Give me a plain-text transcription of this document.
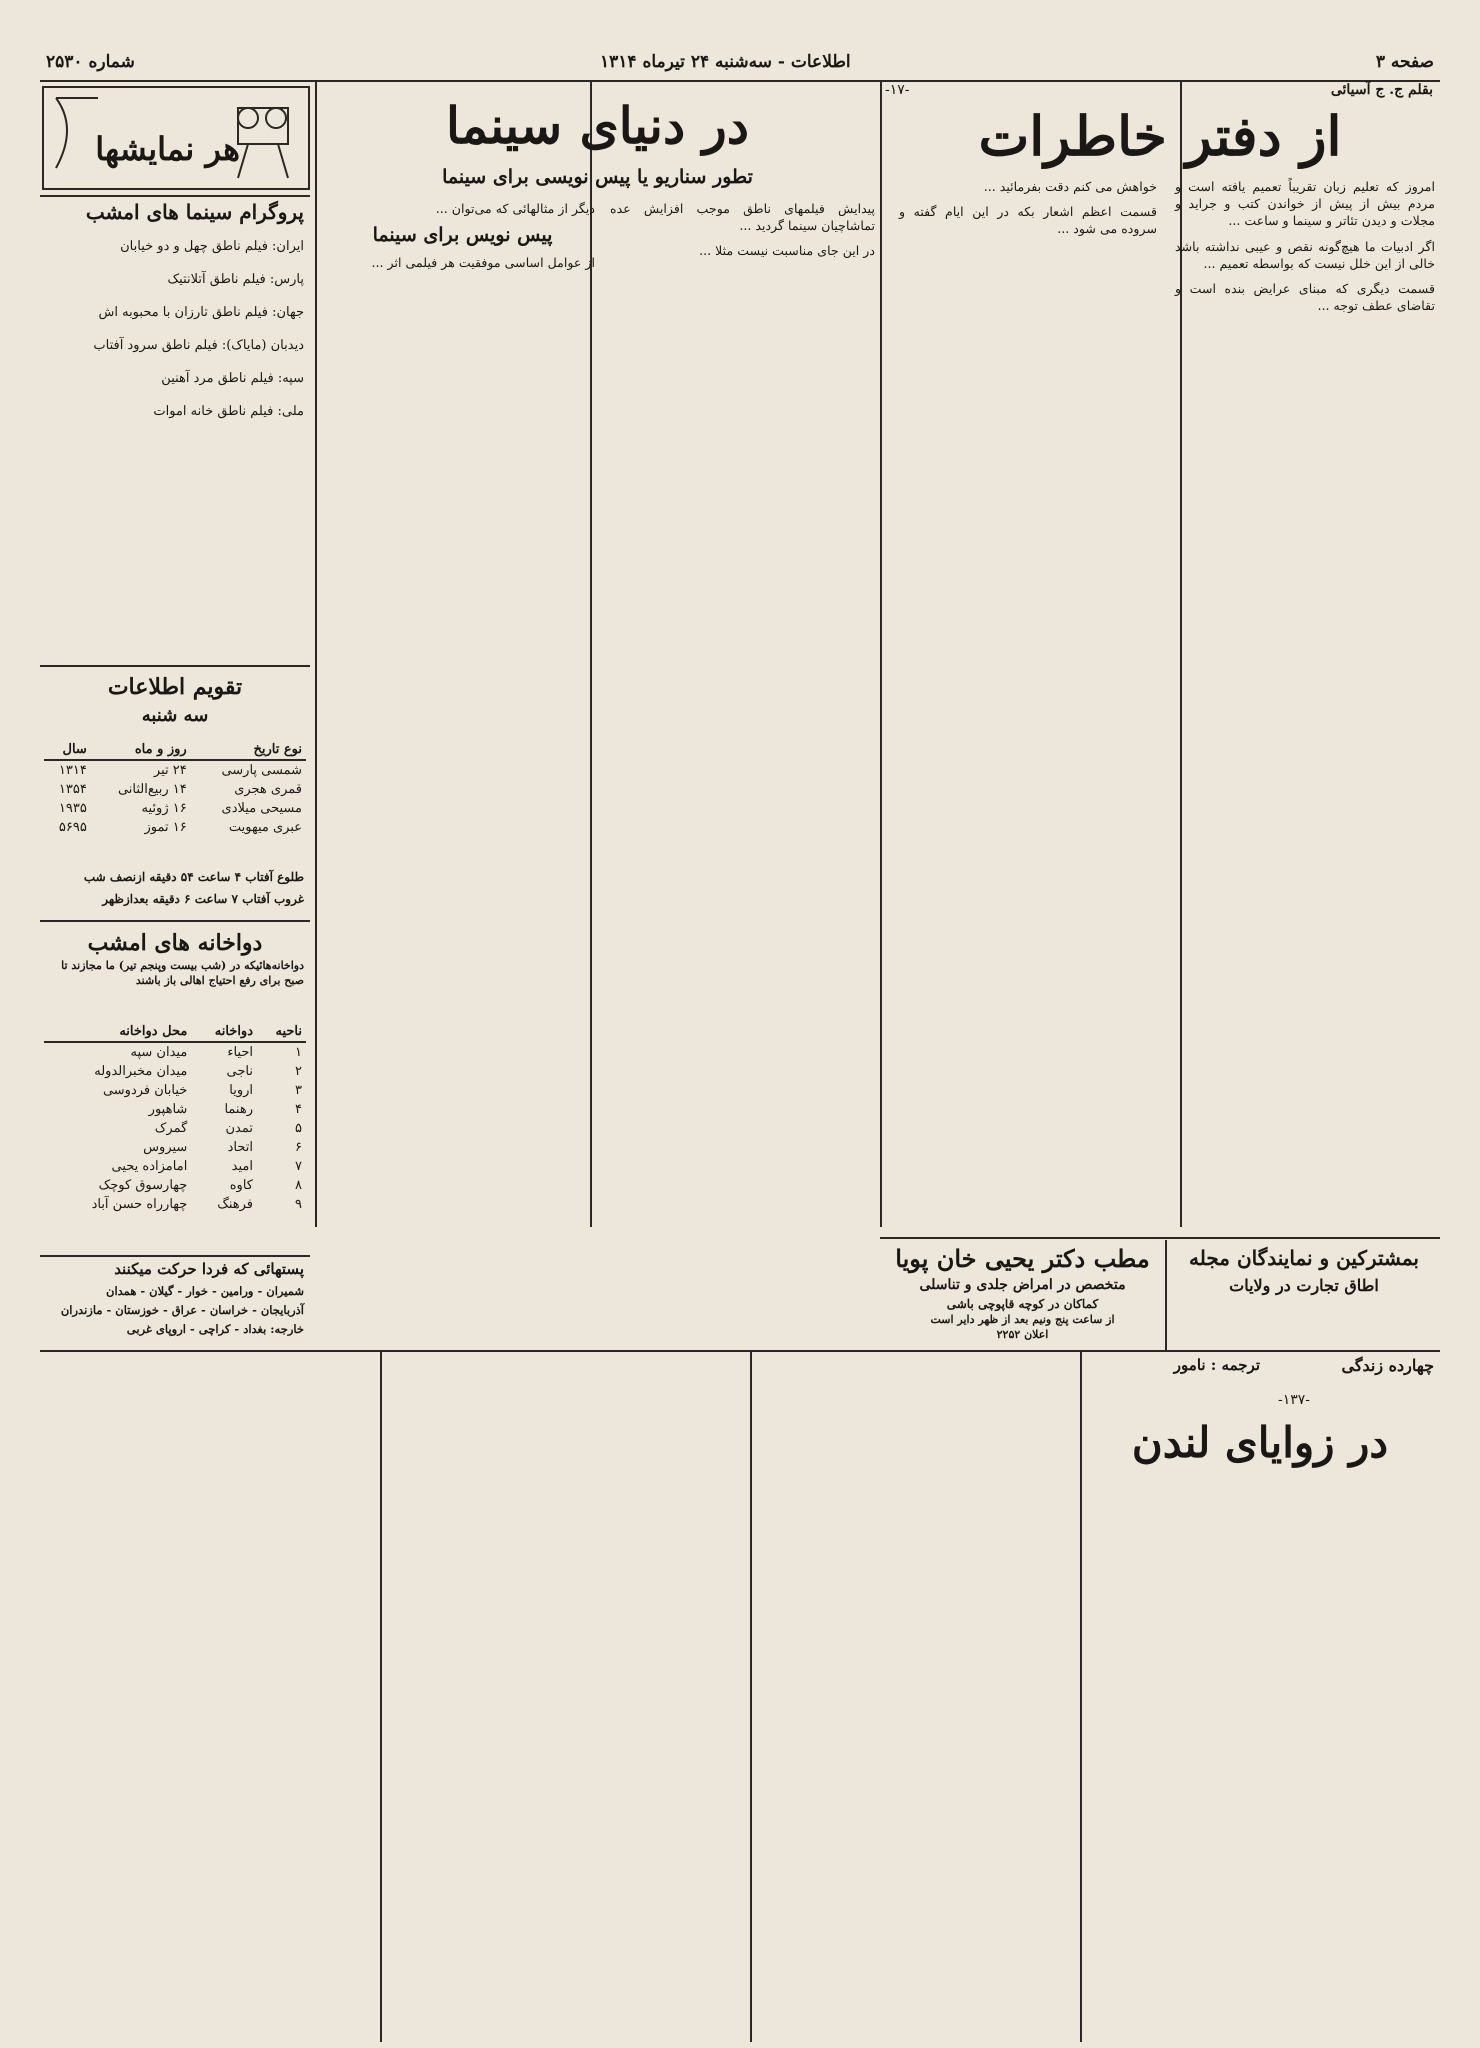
صفحه ۳
اطلاعات - سه‌شنبه ۲۴ تیرماه ۱۳۱۴
شماره ۲۵۳۰
بقلم ج. ج آسیائی
-۱۷-
از دفتر خاطرات

امروز که تعلیم زبان تقریباً تعمیم یافته است و مردم بیش از پیش از خواندن کتب و جراید و مجلات و دیدن تئاتر و سینما و ساعت ...

اگر ادبیات ما هیچ‌گونه نقص و عیبی نداشته باشد خالی از این خلل نیست که بواسطه تعمیم ...

قسمت دیگری که مبنای عرایض بنده است و تقاضای عطف توجه ...

خواهش می کنم دقت بفرمائید ...

قسمت اعظم اشعار بکه در این ایام گفته و سروده می شود ...

در دنیای سینما
تطور سناریو یا پیس نویسی برای سینما

پیدایش فیلمهای ناطق موجب افزایش عده تماشاچیان سینما گردید ...

در این جای مناسبت نیست مثلا ...

دیگر از مثالهائی که می‌توان ...

پیس نویس برای سینما

از عوامل اساسی موفقیت هر فیلمی اثر ...

هر نمایشها
پروگرام سینما های امشب
ایران: فیلم ناطق چهل و دو خیابان
پارس: فیلم ناطق آتلانتیک
جهان: فیلم ناطق تارزان با محبوبه اش
دیدبان (مایاک): فیلم ناطق سرود آفتاب
سپه: فیلم ناطق مرد آهنین
ملی: فیلم ناطق خانه اموات
تقویم اطلاعات
سه شنبه
نوع تاریخ	روز و ماه	سال
شمسی پارسی	۲۴ تیر	۱۳۱۴
قمری هجری	۱۴ ربیع‌الثانی	۱۳۵۴
مسیحی میلادی	۱۶ ژوئیه	۱۹۳۵
عبری میهویت	۱۶ تموز	۵۶۹۵
طلوع آفتاب ۴ ساعت ۵۴ دقیقه ازنصف شب
غروب آفتاب ۷ ساعت ۶ دقیقه بعدازظهر
دواخانه های امشب
دواخانه‌هائیکه در (شب‌ بیست وپنجم تیر) ما مجازند تا صبح برای رفع احتیاج اهالی باز باشند
ناحیه	دواخانه	محل دواخانه
۱	احیاء	میدان سپه
۲	ناجی	میدان مخبرالدوله
۳	ارویا	خیابان فردوسی
۴	رهنما	شاهپور
۵	تمدن	گمرک
۶	اتحاد	سیروس
۷	امید	امامزاده یحیی
۸	کاوه	چهارسوق کوچک
۹	فرهنگ	چهارراه حسن آباد
پستهائی که فردا حرکت میکنند
شمیران - ورامین - خوار - گیلان - همدان
آذربایجان - خراسان - عراق - خوزستان - مازندران
خارجه: بغداد - کراچی - اروپای غربی
مطب دکتر یحیی خان پویا
متخصص در امراض جلدی و تناسلی
کماکان در کوچه قاپوچی باشی
از ساعت پنج ونیم بعد از ظهر دایر است
اعلان ۲۲۵۲
بمشترکین و نمایندگان مجله
اطاق تجارت در ولایات
چهارده زندگی
ترجمه : نامور
-۱۳۷-
در زوایای لندن
